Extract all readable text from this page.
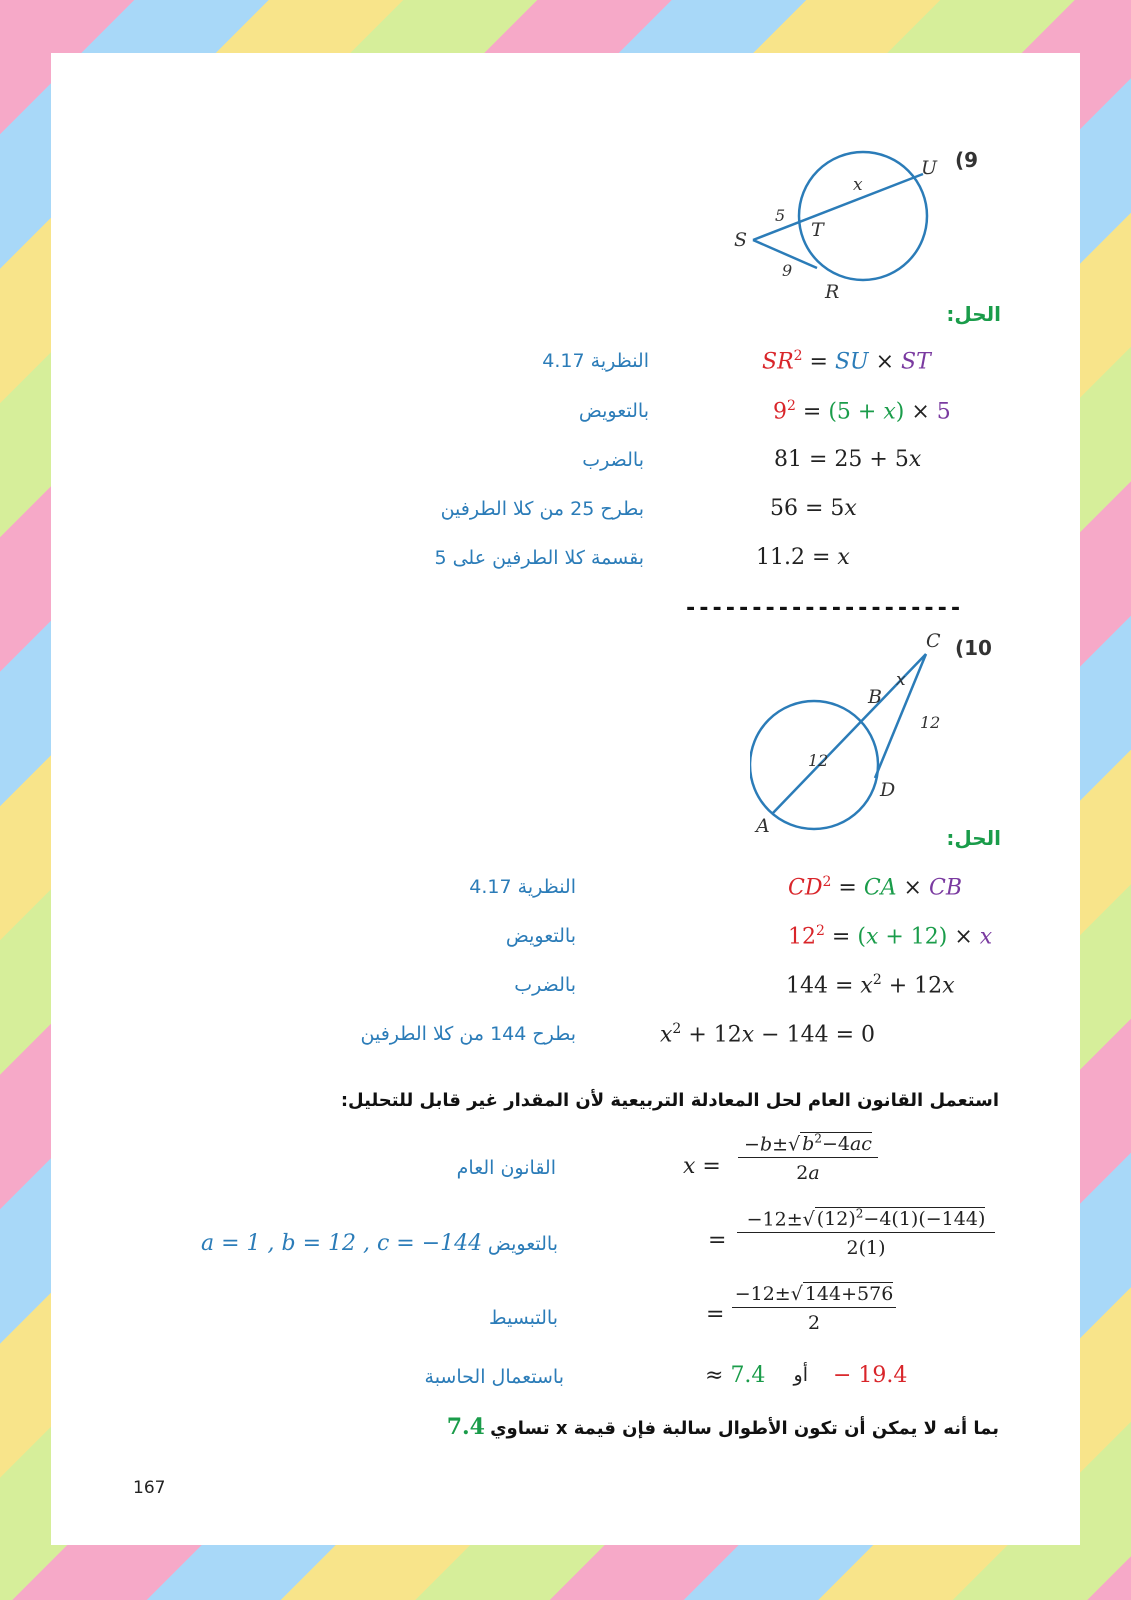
(9
U
S	T
R
x
5
9
الحل:
$SR^2$ = SU × ST
$9^2 = (5 + x) \times 5$
81 = 25 + 5x
56 = 5x
11.2 = x
النظرية 4.17
بالتعويض
بالضرب
بطرح 25 من كلا الطرفين
بقسمة كلا الطرفين على 5
---------------------
(10
C
B
x
12
12
D
A	الحل:
$CD^2$ = CA × CB
$12^2 = (x + 12) \times x$
$144 = x^2 + 12x$
$x^2 + 12x - 144 = 0$
النظرية 4.17
بالتعويض
بالضرب
بطرح 144 من كلا الطرفين
استعمل القانون العام لحل المعادلة التربيعية لأن المقدار غير قابل للتحليل:
$x = \frac{-b\pm√ b^2-4ac}{2a}$
= $\frac{-12\pm√ (12)^2-4(1)(-144)}{2(1)}$
= $\frac{-12\pm√ 144+576}{2}$
≈ 7.4 أو − 19.4
القانون العام
بالتعويض
a = 1 , b = 12 , c = −144
بالتبسيط
باستعمال الحاسبة
بما أنه لا يمكن أن تكون الأطوال سالبة فإن قيمة x تساوي 7.4
167
